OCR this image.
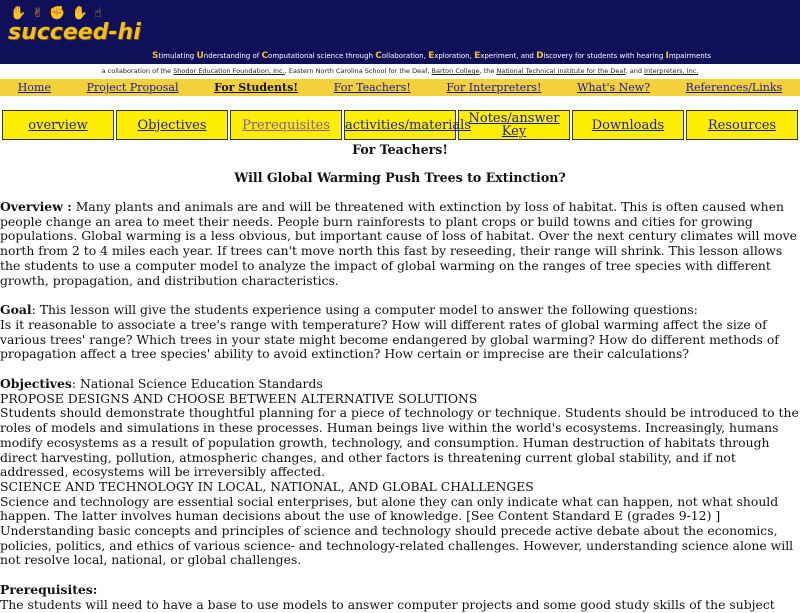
✋ ✌ ✊ ✋ ☝
succeed-hi
Stimulating Understanding of Computational science through Collaboration, Exploration, Experiment, and Discovery for students with hearing Impairments
a collaboration of the Shodor Education Foundation, Inc., Eastern North Carolina School for the Deaf, Barton College, the National Technical Institute for the Deaf, and Interpreters, Inc.
Home	Project Proposal	For Students!	For Teachers!	For Interpreters!	What's New?	References/Links
overview	Objectives	Prerequisites	activities/materials	Notes/answer
Key	Downloads	Resources
For Teachers!
Will Global Warming Push Trees to Extinction?

Overview : Many plants and animals are and will be threatened with extinction by loss of habitat. This is often caused when people change an area to meet their needs. People burn rainforests to plant crops or build towns and cities for growing populations. Global warming is a less obvious, but important cause of loss of habitat. Over the next century climates will move north from 2 to 4 miles each year. If trees can't move north this fast by reseeding, their range will shrink. This lesson allows the students to use a computer model to analyze the impact of global warming on the ranges of tree species with different growth, propagation, and distribution characteristics.

Goal: This lesson will give the students experience using a computer model to answer the following questions:

Is it reasonable to associate a tree's range with temperature? How will different rates of global warming affect the size of various trees' range? Which trees in your state might become endangered by global warming? How do different methods of propagation affect a tree species' ability to avoid extinction? How certain or imprecise are their calculations?

Objectives: National Science Education Standards

PROPOSE DESIGNS AND CHOOSE BETWEEN ALTERNATIVE SOLUTIONS

Students should demonstrate thoughtful planning for a piece of technology or technique. Students should be introduced to the roles of models and simulations in these processes. Human beings live within the world's ecosystems. Increasingly, humans modify ecosystems as a result of population growth, technology, and consumption. Human destruction of habitats through direct harvesting, pollution, atmospheric changes, and other factors is threatening current global stability, and if not addressed, ecosystems will be irreversibly affected.

SCIENCE AND TECHNOLOGY IN LOCAL, NATIONAL, AND GLOBAL CHALLENGES

Science and technology are essential social enterprises, but alone they can only indicate what can happen, not what should happen. The latter involves human decisions about the use of knowledge. [See Content Standard E (grades 9-12) ]

Understanding basic concepts and principles of science and technology should precede active debate about the economics, policies, politics, and ethics of various science- and technology-related challenges. However, understanding science alone will not resolve local, national, or global challenges.

Prerequisites:

The students will need to have a base to use models to answer computer projects and some good study skills of the subject
